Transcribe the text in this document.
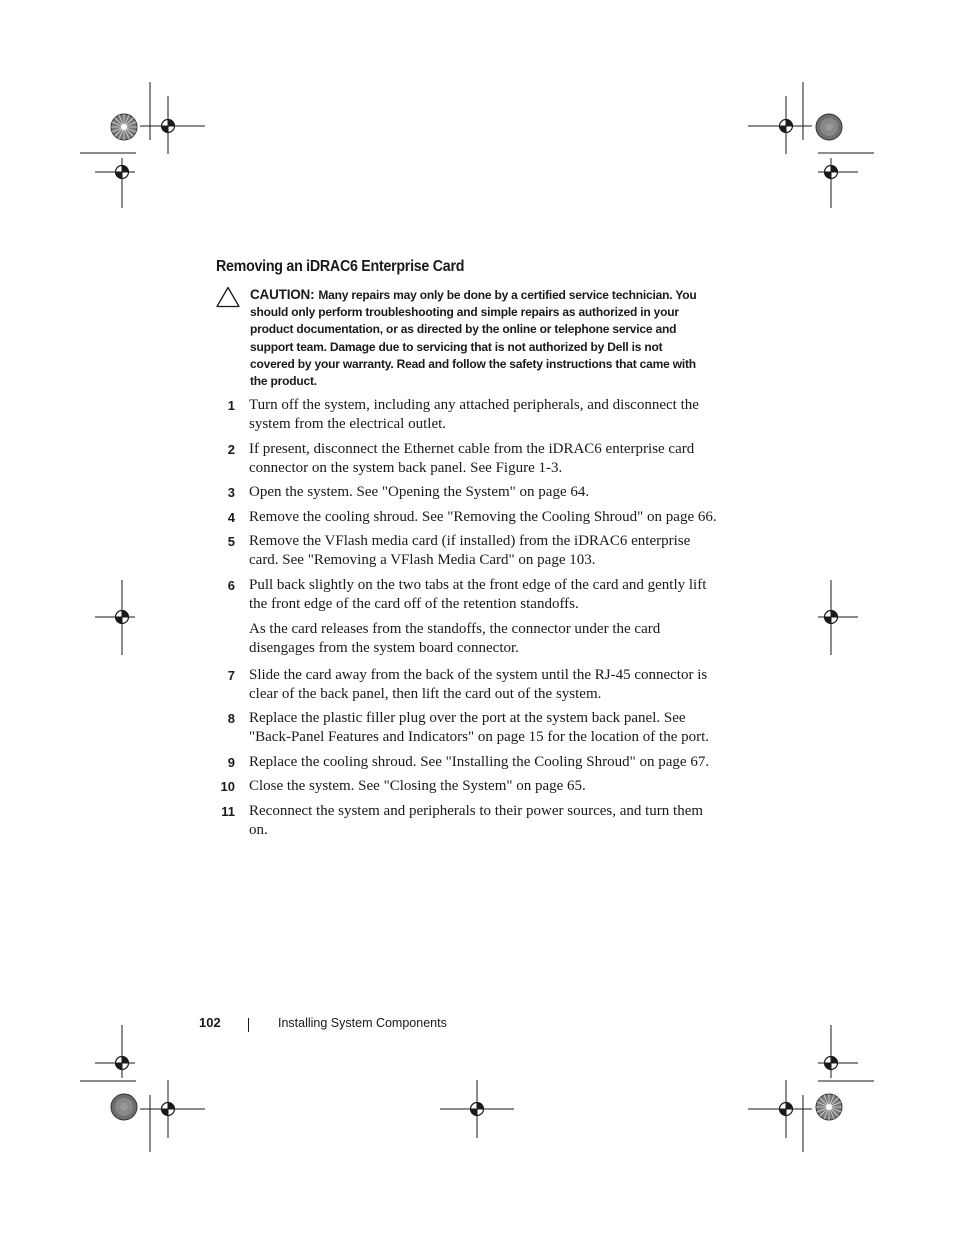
Removing an iDRAC6 Enterprise Card
CAUTION: Many repairs may only be done by a certified service technician. You should only perform troubleshooting and simple repairs as authorized in your product documentation, or as directed by the online or telephone service and support team. Damage due to servicing that is not authorized by Dell is not covered by your warranty. Read and follow the safety instructions that came with the product.
1 Turn off the system, including any attached peripherals, and disconnect the system from the electrical outlet.
2 If present, disconnect the Ethernet cable from the iDRAC6 enterprise card connector on the system back panel. See Figure 1-3.
3 Open the system. See "Opening the System" on page 64.
4 Remove the cooling shroud. See "Removing the Cooling Shroud" on page 66.
5 Remove the VFlash media card (if installed) from the iDRAC6 enterprise card. See "Removing a VFlash Media Card" on page 103.
6 Pull back slightly on the two tabs at the front edge of the card and gently lift the front edge of the card off of the retention standoffs.
As the card releases from the standoffs, the connector under the card disengages from the system board connector.
7 Slide the card away from the back of the system until the RJ-45 connector is clear of the back panel, then lift the card out of the system.
8 Replace the plastic filler plug over the port at the system back panel. See "Back-Panel Features and Indicators" on page 15 for the location of the port.
9 Replace the cooling shroud. See "Installing the Cooling Shroud" on page 67.
10 Close the system. See "Closing the System" on page 65.
11 Reconnect the system and peripherals to their power sources, and turn them on.
102	Installing System Components
